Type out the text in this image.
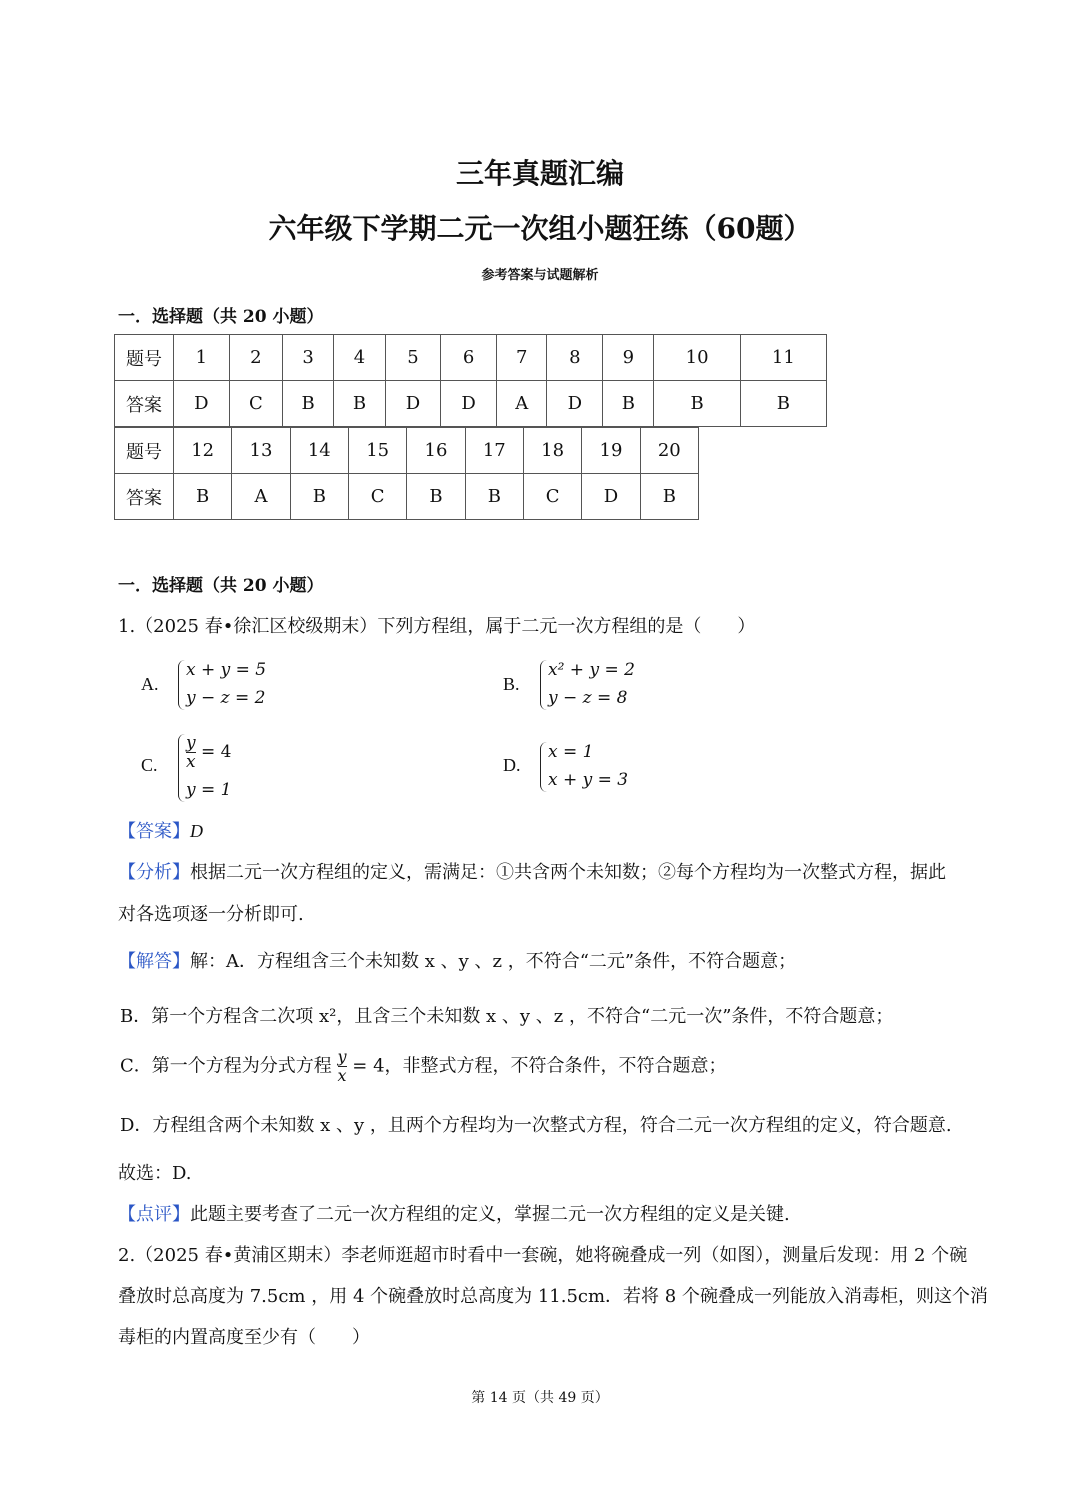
三年真题汇编
六年级下学期二元一次组小题狂练（60题）
参考答案与试题解析
一．选择题（共 20 小题）
题号	1	2	3	4	5	6	7	8	9	10	11
答案	D	C	B	B	D	D	A	D	B	B	B
题号	12	13	14	15	16	17	18	19	20
答案	B	A	B	C	B	B	C	D	B
一．选择题（共 20 小题）
1.（2025 春•徐汇区校级期末）下列方程组，属于二元一次方程组的是（　　）
A.
x + y = 5
y − z = 2
B.
x² + y = 2
y − z = 8
C. $\frac{y}{x} = 4$
y = 1
D.
x = 1
x + y = 3
【答案】D
【分析】根据二元一次方程组的定义，需满足：①共含两个未知数；②每个方程均为一次整式方程，据此
对各选项逐一分析即可.
【解答】解：A．方程组含三个未知数 x 、y 、z ，不符合“二元”条件，不符合题意；
B．第一个方程含二次项 x²，且含三个未知数 x 、y 、z ，不符合“二元一次”条件，不符合题意；
C．第一个方程为分式方程 $\frac{y}{x} = 4$，非整式方程，不符合条件，不符合题意；
D．方程组含两个未知数 x 、y ，且两个方程均为一次整式方程，符合二元一次方程组的定义，符合题意.
故选：D.
【点评】此题主要考查了二元一次方程组的定义，掌握二元一次方程组的定义是关键.
2.（2025 春•黄浦区期末）李老师逛超市时看中一套碗，她将碗叠成一列（如图），测量后发现：用 2 个碗
叠放时总高度为 7.5cm ，用 4 个碗叠放时总高度为 11.5cm．若将 8 个碗叠成一列能放入消毒柜，则这个消
毒柜的内置高度至少有（　　）
第 14 页（共 49 页）
